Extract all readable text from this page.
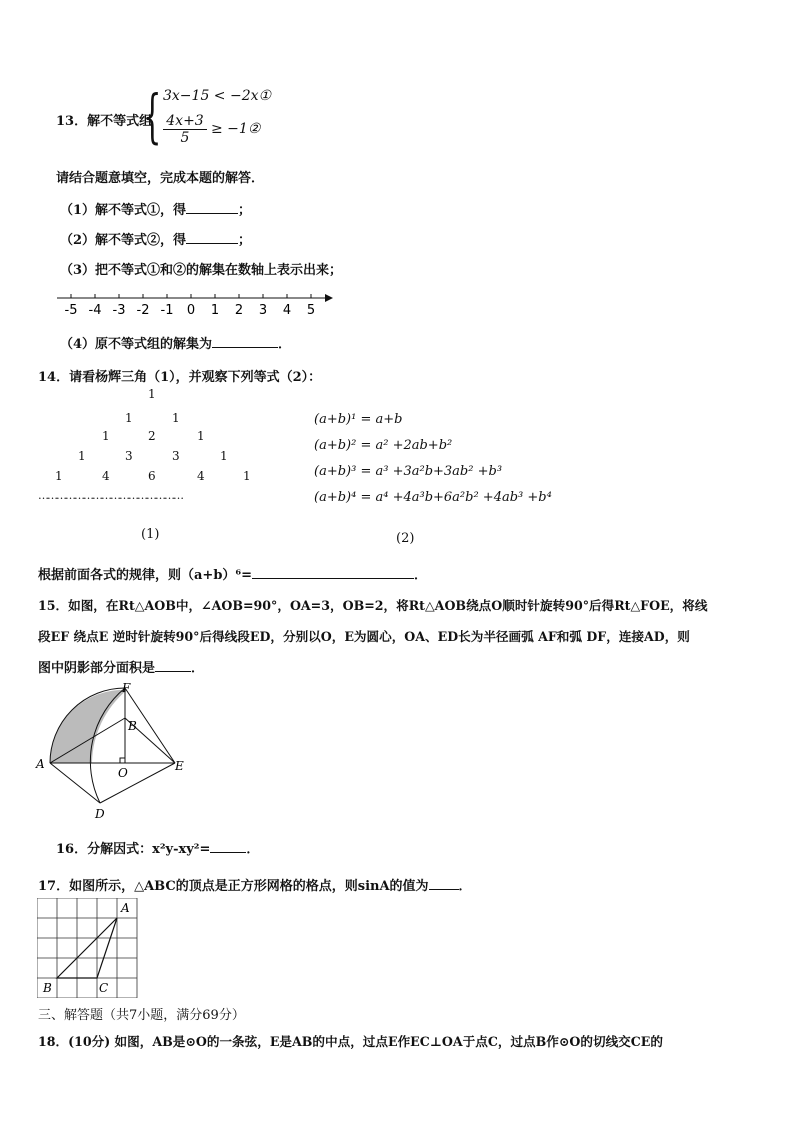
13．解不等式组
{ 3x−15 < −2x①
$\frac{4x+3}{5}$ ≥ −1②
请结合题意填空，完成本题的解答．
（1）解不等式①，得	；
（2）解不等式②，得	；
（3）把不等式①和②的解集在数轴上表示出来；
-5 -4 -3 -2 -1 0 1 2 3 4 5
（4）原不等式组的解集为	．
14．请看杨辉三角（1），并观察下列等式（2）：
1
1	1
1	2	1
1	3	3	1
1	4	6	4	1
…………………………………………
(1)
(a+b)¹ = a+b
(a+b)² = a² +2ab+b²
(a+b)³ = a³ +3a²b+3ab² +b³
(a+b)⁴ = a⁴ +4a³b+6a²b² +4ab³ +b⁴
(2)
根据前面各式的规律，则（a+b）⁶=	．
15．如图，在Rt△AOB中，∠AOB=90°，OA=3，OB=2，将Rt△AOB绕点O顺时针旋转90°后得Rt△FOE，将线
段EF 绕点E 逆时针旋转90°后得线段ED，分别以O，E为圆心，OA、ED长为半径画弧 AF和弧 DF，连接AD，则
图中阴影部分面积是	．
F
B
A
O	E
D
16．分解因式：x²y-xy²=	．
17．如图所示，△ABC的顶点是正方形网格的格点，则sinA的值为 ．
A
B	C
三、解答题（共7小题，满分69分）
18．(10分) 如图，AB是⊙O的一条弦，E是AB的中点，过点E作EC⊥OA于点C，过点B作⊙O的切线交CE的
